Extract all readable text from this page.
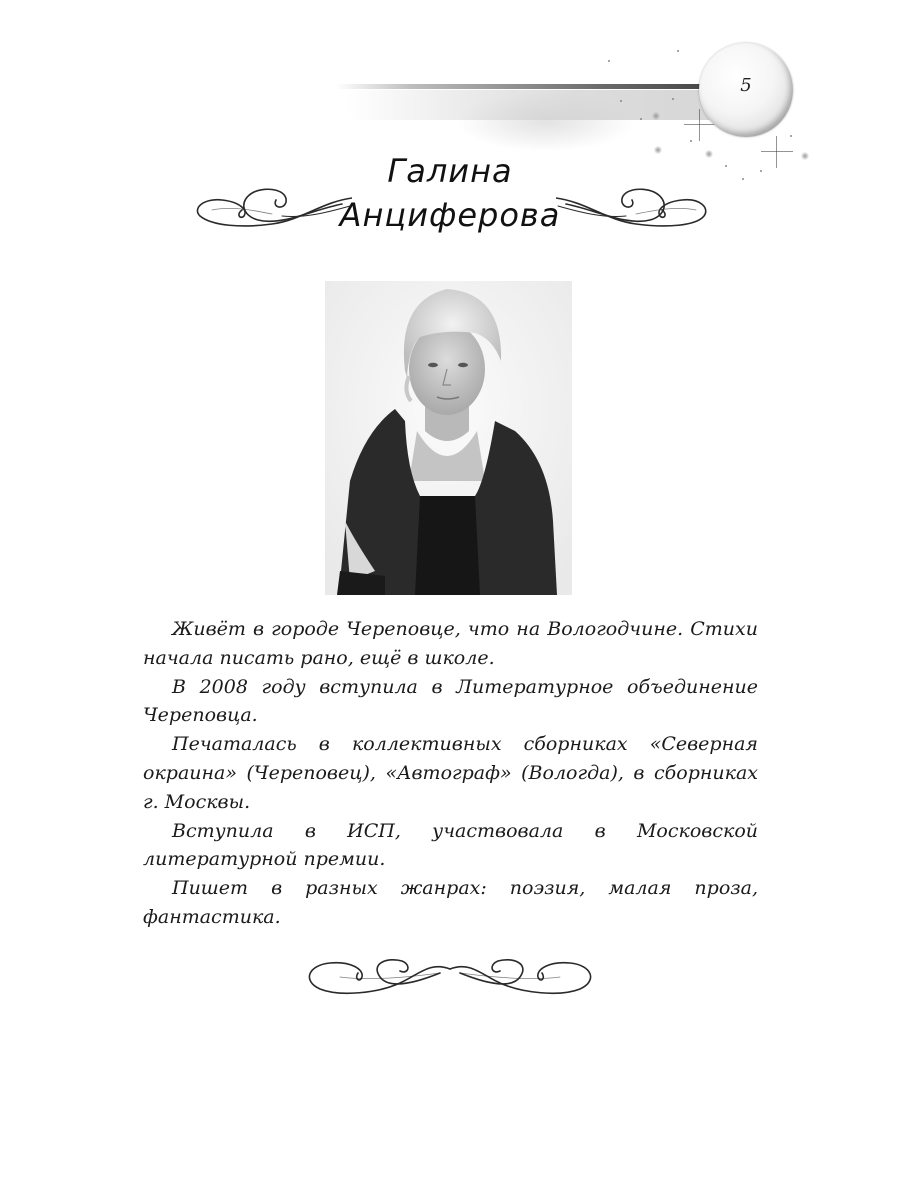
5
Галина
Анциферова

Живёт в городе Череповце, что на Вологодчине. Стихи начала писать рано, ещё в школе.

В 2008 году вступила в Литературное объединение Череповца.

Печаталась в коллективных сборниках «Северная окраина» (Череповец), «Автограф» (Вологда), в сборниках г. Москвы.

Вступила в ИСП, участвовала в Московской литературной премии.

Пишет в разных жанрах: поэзия, малая проза, фантастика.
